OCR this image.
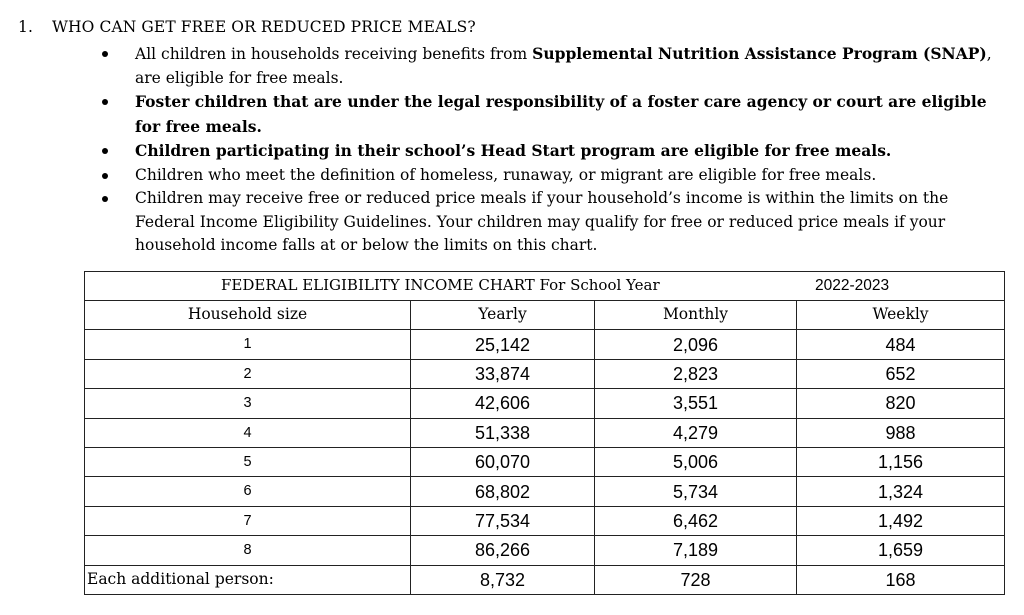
1. WHO CAN GET FREE OR REDUCED PRICE MEALS?
All children in households receiving benefits from Supplemental Nutrition Assistance Program (SNAP), are eligible for free meals.
Foster children that are under the legal responsibility of a foster care agency or court are eligible for free meals.
Children participating in their school’s Head Start program are eligible for free meals.
Children who meet the definition of homeless, runaway, or migrant are eligible for free meals.
Children may receive free or reduced price meals if your household’s income is within the limits on the Federal Income Eligibility Guidelines. Your children may qualify for free or reduced price meals if your household income falls at or below the limits on this chart.
FEDERAL ELIGIBILITY INCOME CHART For School Year 2022-2023			

Household size	Yearly	Monthly	Weekly
1	25,142	2,096	484
2	33,874	2,823	652
3	42,606	3,551	820
4	51,338	4,279	988
5	60,070	5,006	1,156
6	68,802	5,734	1,324
7	77,534	6,462	1,492
8	86,266	7,189	1,659
Each additional person:	8,732	728	168
